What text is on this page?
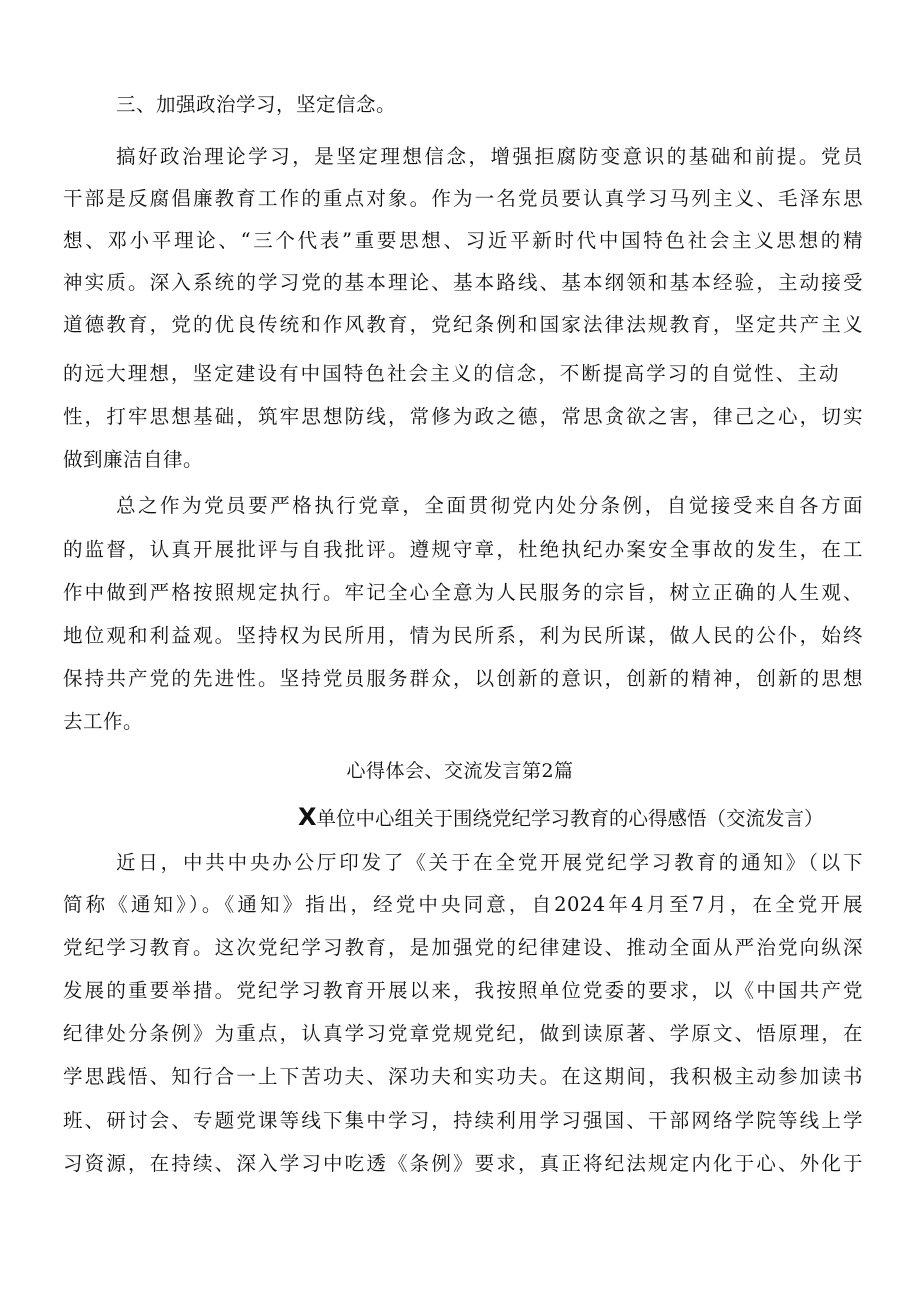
三、加强政治学习，坚定信念。
搞好政治理论学习，是坚定理想信念，增强拒腐防变意识的基础和前提。党员
干部是反腐倡廉教育工作的重点对象。作为一名党员要认真学习马列主义、毛泽东思
想、邓小平理论、“三个代表”重要思想、习近平新时代中国特色社会主义思想的精
神实质。深入系统的学习党的基本理论、基本路线、基本纲领和基本经验，主动接受
道德教育，党的优良传统和作风教育，党纪条例和国家法律法规教育，坚定共产主义
的远大理想，坚定建设有中国特色社会主义的信念，不断提高学习的自觉性、主动
性，打牢思想基础，筑牢思想防线，常修为政之德，常思贪欲之害，律己之心，切实
做到廉洁自律。
总之作为党员要严格执行党章，全面贯彻党内处分条例，自觉接受来自各方面
的监督，认真开展批评与自我批评。遵规守章，杜绝执纪办案安全事故的发生，在工
作中做到严格按照规定执行。牢记全心全意为人民服务的宗旨，树立正确的人生观、
地位观和利益观。坚持权为民所用，情为民所系，利为民所谋，做人民的公仆，始终
保持共产党的先进性。坚持党员服务群众，以创新的意识，创新的精神，创新的思想
去工作。
心得体会、交流发言第2篇
X单位中心组关于围绕党纪学习教育的心得感悟（交流发言）
近日，中共中央办公厅印发了《关于在全党开展党纪学习教育的通知》（以下
简称《通知》）。《通知》指出，经党中央同意，自2024年4月至7月，在全党开展
党纪学习教育。这次党纪学习教育，是加强党的纪律建设、推动全面从严治党向纵深
发展的重要举措。党纪学习教育开展以来，我按照单位党委的要求，以《中国共产党
纪律处分条例》为重点，认真学习党章党规党纪，做到读原著、学原文、悟原理，在
学思践悟、知行合一上下苦功夫、深功夫和实功夫。在这期间，我积极主动参加读书
班、研讨会、专题党课等线下集中学习，持续利用学习强国、干部网络学院等线上学
习资源，在持续、深入学习中吃透《条例》要求，真正将纪法规定内化于心、外化于
